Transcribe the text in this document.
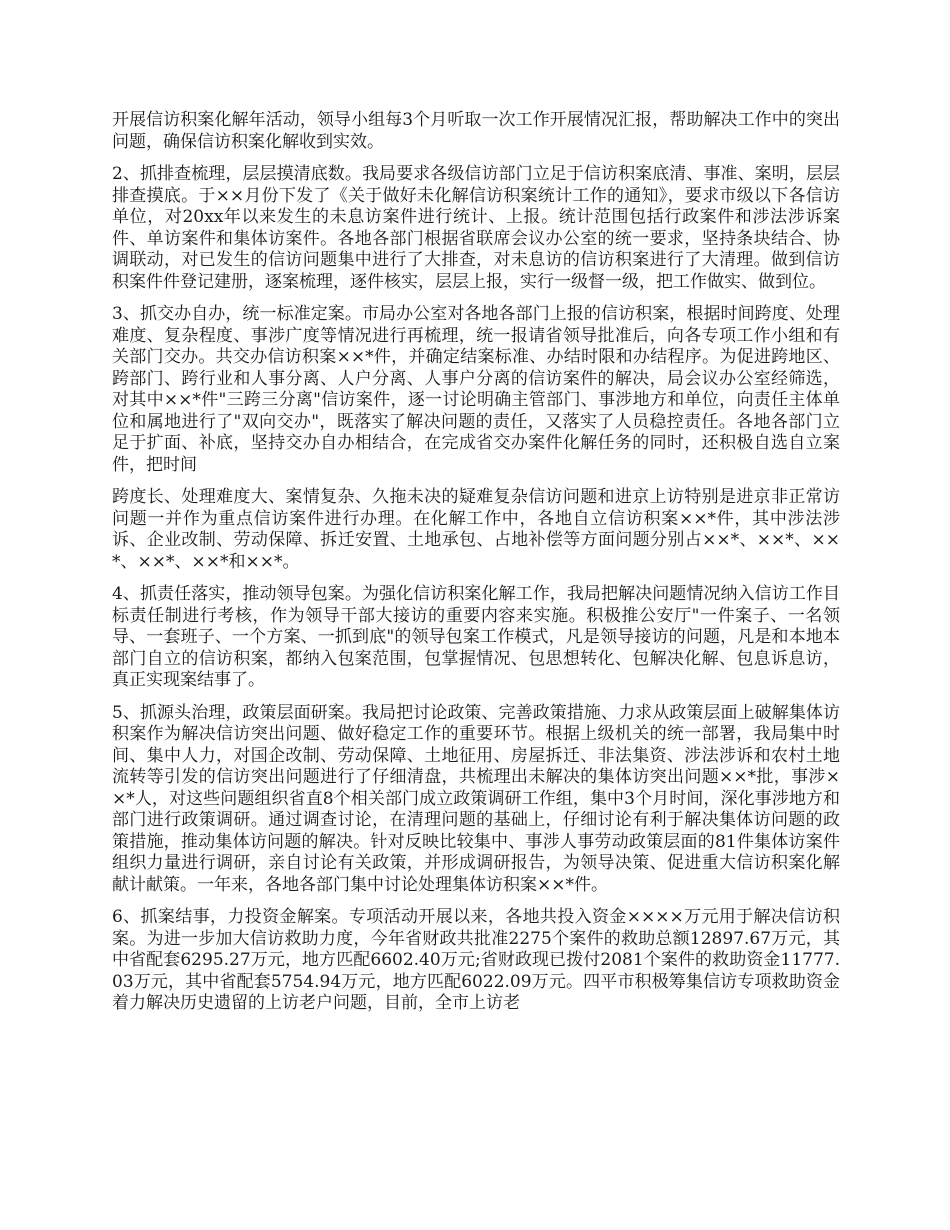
开展信访积案化解年活动，领导小组每3个月听取一次工作开展情况汇报，帮助解决工作中的突出问题，确保信访积案化解收到实效。

2、抓排查梳理，层层摸清底数。我局要求各级信访部门立足于信访积案底清、事准、案明，层层排查摸底。于××月份下发了《关于做好未化解信访积案统计工作的通知》，要求市级以下各信访单位，对20xx年以来发生的未息访案件进行统计、上报。统计范围包括行政案件和涉法涉诉案件、单访案件和集体访案件。各地各部门根据省联席会议办公室的统一要求，坚持条块结合、协调联动，对已发生的信访问题集中进行了大排查，对未息访的信访积案进行了大清理。做到信访积案件件登记建册，逐案梳理，逐件核实，层层上报，实行一级督一级，把工作做实、做到位。

3、抓交办自办，统一标准定案。市局办公室对各地各部门上报的信访积案，根据时间跨度、处理难度、复杂程度、事涉广度等情况进行再梳理，统一报请省领导批准后，向各专项工作小组和有关部门交办。共交办信访积案××*件，并确定结案标准、办结时限和办结程序。为促进跨地区、跨部门、跨行业和人事分离、人户分离、人事户分离的信访案件的解决，局会议办公室经筛选，对其中××*件"三跨三分离"信访案件，逐一讨论明确主管部门、事涉地方和单位，向责任主体单位和属地进行了"双向交办"，既落实了解决问题的责任，又落实了人员稳控责任。各地各部门立足于扩面、补底，坚持交办自办相结合，在完成省交办案件化解任务的同时，还积极自选自立案件，把时间

跨度长、处理难度大、案情复杂、久拖未决的疑难复杂信访问题和进京上访特别是进京非正常访问题一并作为重点信访案件进行办理。在化解工作中，各地自立信访积案××*件，其中涉法涉诉、企业改制、劳动保障、拆迁安置、土地承包、占地补偿等方面问题分别占××*、××*、××*、××*、××*和××*。

4、抓责任落实，推动领导包案。为强化信访积案化解工作，我局把解决问题情况纳入信访工作目标责任制进行考核，作为领导干部大接访的重要内容来实施。积极推公安厅"一件案子、一名领导、一套班子、一个方案、一抓到底"的领导包案工作模式，凡是领导接访的问题，凡是和本地本部门自立的信访积案，都纳入包案范围，包掌握情况、包思想转化、包解决化解、包息诉息访，真正实现案结事了。

5、抓源头治理，政策层面研案。我局把讨论政策、完善政策措施、力求从政策层面上破解集体访积案作为解决信访突出问题、做好稳定工作的重要环节。根据上级机关的统一部署，我局集中时间、集中人力，对国企改制、劳动保障、土地征用、房屋拆迁、非法集资、涉法涉诉和农村土地流转等引发的信访突出问题进行了仔细清盘，共梳理出未解决的集体访突出问题××*批，事涉××*人，对这些问题组织省直8个相关部门成立政策调研工作组，集中3个月时间，深化事涉地方和部门进行政策调研。通过调查讨论，在清理问题的基础上，仔细讨论有利于解决集体访问题的政策措施，推动集体访问题的解决。针对反映比较集中、事涉人事劳动政策层面的81件集体访案件组织力量进行调研，亲自讨论有关政策，并形成调研报告，为领导决策、促进重大信访积案化解献计献策。一年来，各地各部门集中讨论处理集体访积案××*件。

6、抓案结事，力投资金解案。专项活动开展以来，各地共投入资金××××万元用于解决信访积案。为进一步加大信访救助力度，今年省财政共批准2275个案件的救助总额12897.67万元，其中省配套6295.27万元，地方匹配6602.40万元;省财政现已拨付2081个案件的救助资金11777.03万元，其中省配套5754.94万元，地方匹配6022.09万元。四平市积极筹集信访专项救助资金着力解决历史遗留的上访老户问题，目前，全市上访老
